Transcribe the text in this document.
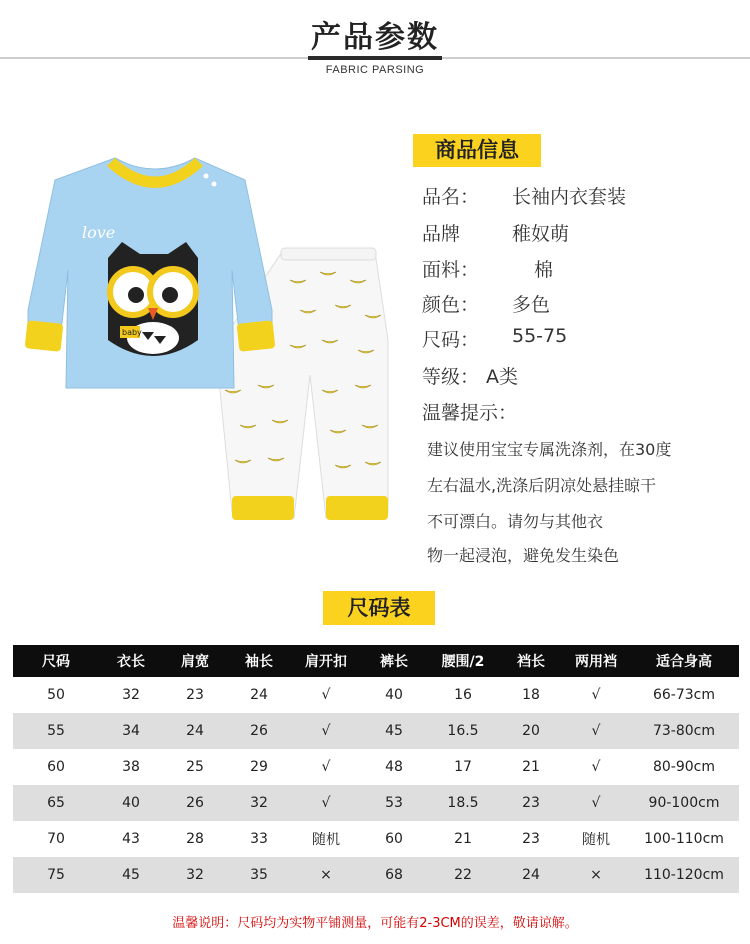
产品参数
FABRIC PARSING
love
baby
商品信息
品名： 长袖内衣套装
品牌	稚奴萌
面料：	棉
颜色： 多色
尺码： 55-75
等级： A类
温馨提示：
建议使用宝宝专属洗涤剂，在30度
左右温水,洗涤后阴凉处悬挂晾干
不可漂白。请勿与其他衣
物一起浸泡，避免发生染色
尺码表
尺码	衣长	肩宽	袖长	肩开扣	裤长	腰围/2	裆长	两用裆	适合身高
50	32	23	24	√	40	16	18	√	66-73cm
55	34	24	26	√	45	16.5	20	√	73-80cm
60	38	25	29	√	48	17	21	√	80-90cm
65	40	26	32	√	53	18.5	23	√	90-100cm
70	43	28	33	随机	60	21	23	随机	100-110cm
75	45	32	35	×	68	22	24	×	110-120cm
温馨说明：尺码均为实物平铺测量，可能有2-3CM的误差，敬请谅解。
